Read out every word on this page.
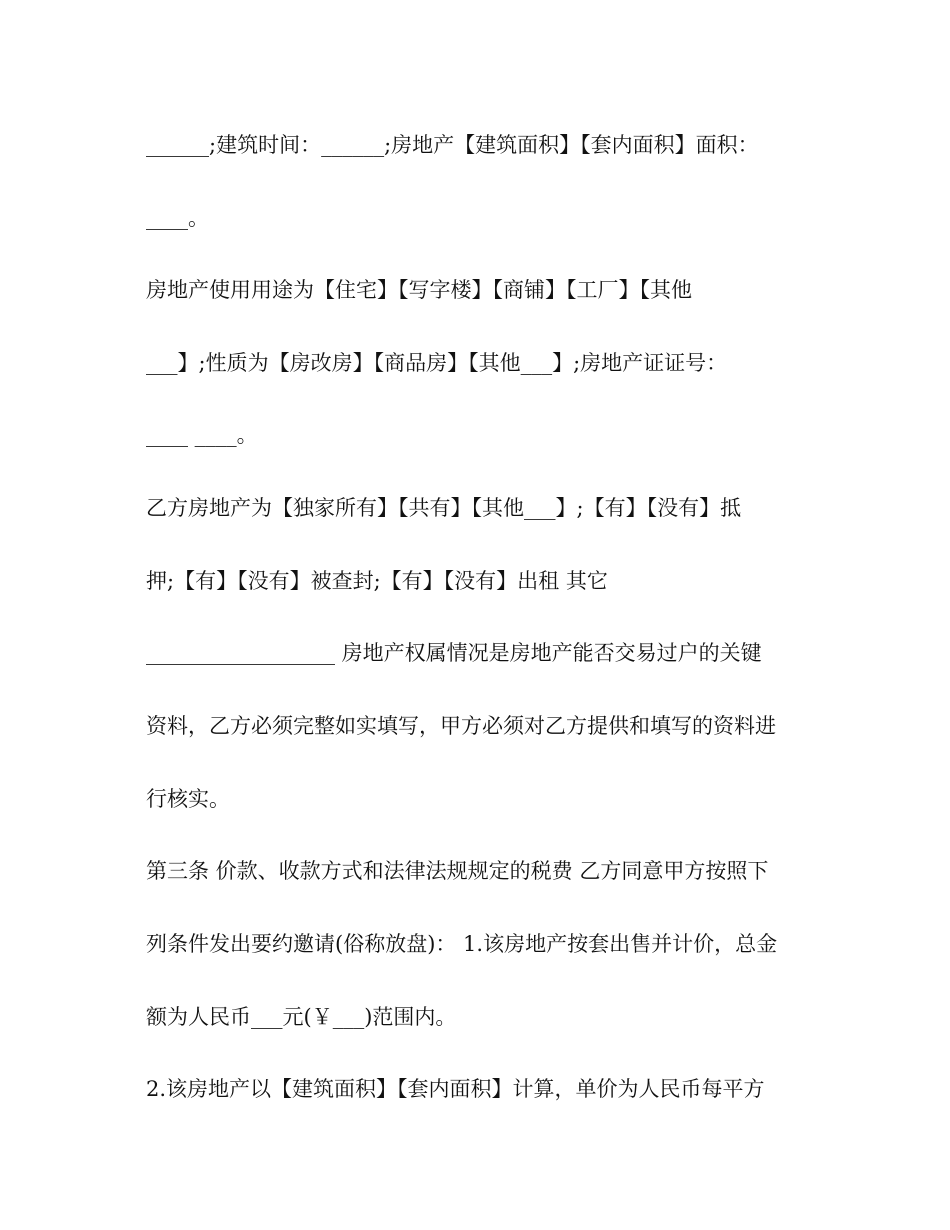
______;建筑时间：______;房地产【建筑面积】【套内面积】面积：
____。
房地产使用用途为【住宅】【写字楼】【商铺】【工厂】【其他
___】;性质为【房改房】【商品房】【其他___】;房地产证证号：
____ ____。
乙方房地产为【独家所有】【共有】【其他___】;【有】【没有】抵
押;【有】【没有】被查封;【有】【没有】出租 其它
__________________ 房地产权属情况是房地产能否交易过户的关键
资料，乙方必须完整如实填写，甲方必须对乙方提供和填写的资料进
行核实。
第三条 价款、收款方式和法律法规规定的税费 乙方同意甲方按照下
列条件发出要约邀请(俗称放盘)： 1.该房地产按套出售并计价，总金
额为人民币___元(￥___)范围内。
2.该房地产以【建筑面积】【套内面积】计算，单价为人民币每平方
